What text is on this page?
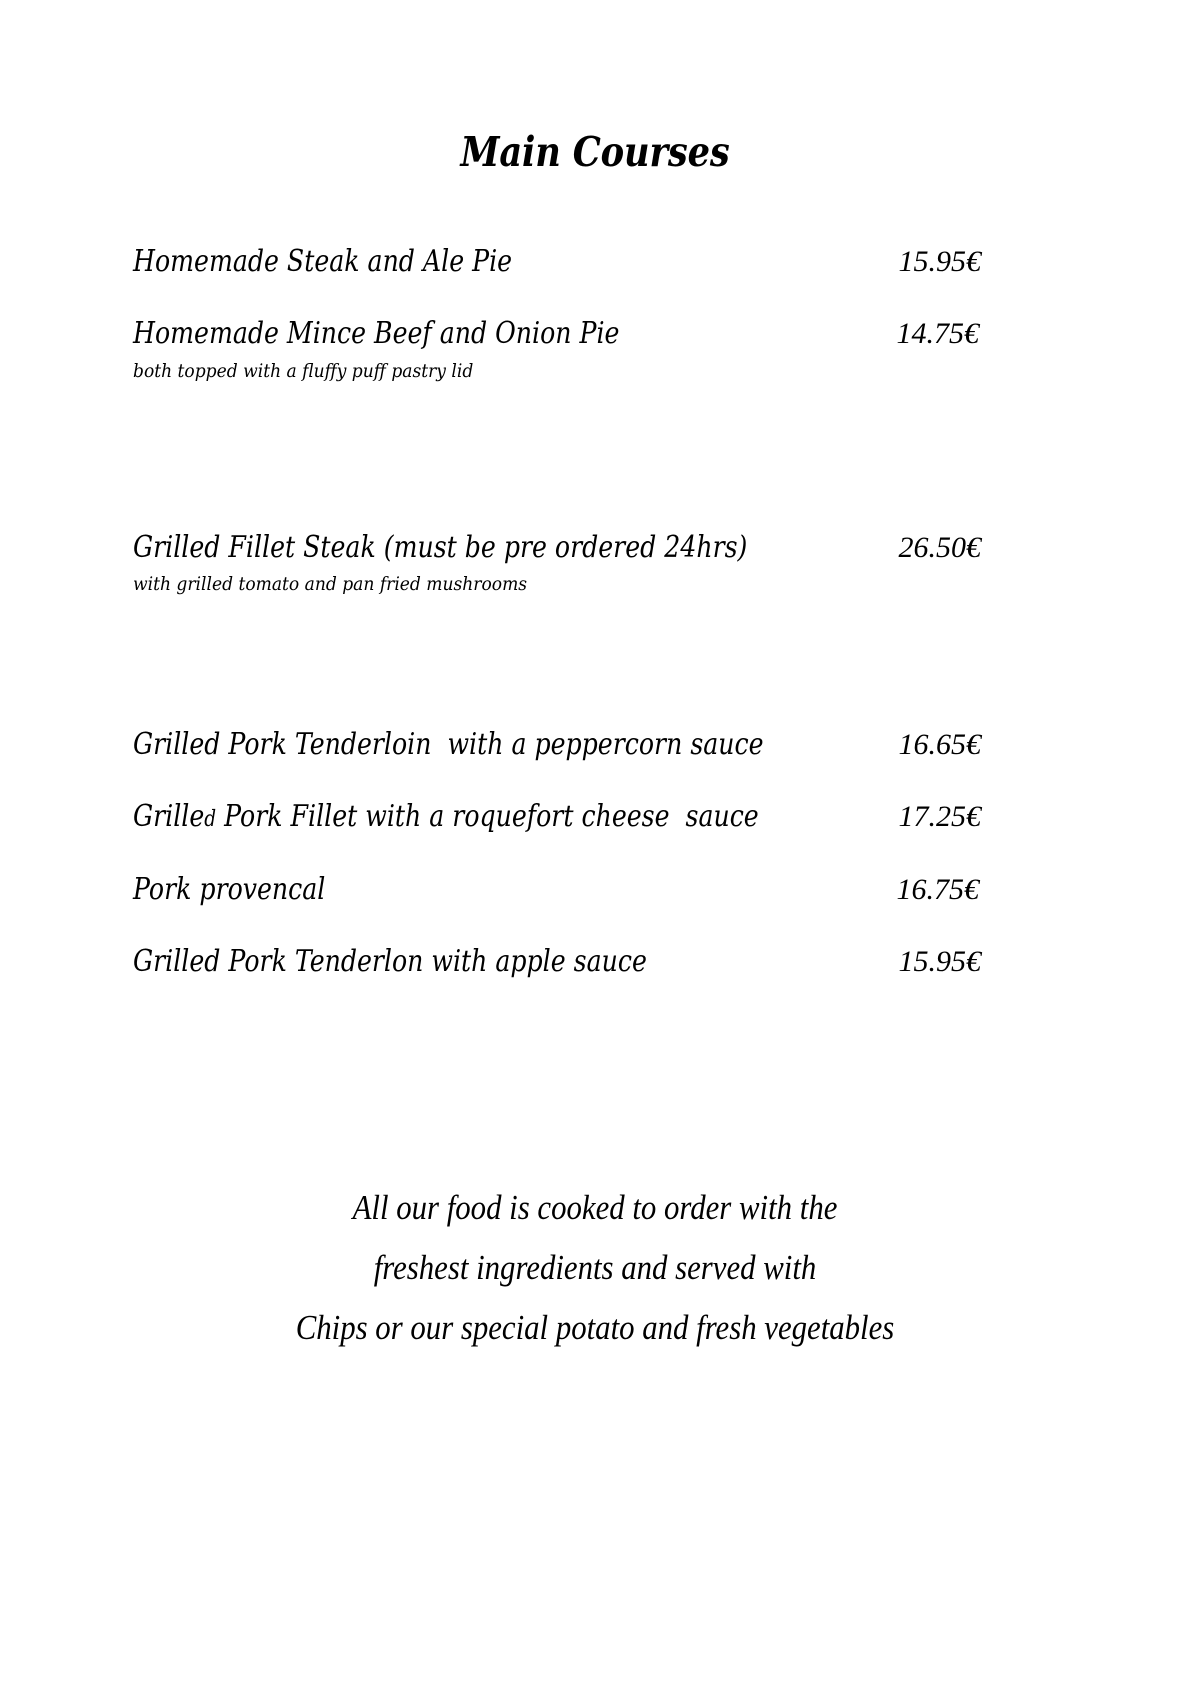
Main Courses
Homemade Steak and Ale Pie	15.95€
Homemade Mince Beef and Onion Pie	14.75€
both topped with a fluffy puff pastry lid
Grilled Fillet Steak (must be pre ordered 24hrs)	26.50€
with grilled tomato and pan fried mushrooms
Grilled Pork Tenderloin  with a peppercorn sauce	16.65€
Grilled Pork Fillet with a roquefort cheese  sauce	17.25€
Pork provencal	16.75€
Grilled Pork Tenderlon with apple sauce	15.95€
All our food is cooked to order with the
freshest ingredients and served with
Chips or our special potato and fresh vegetables
